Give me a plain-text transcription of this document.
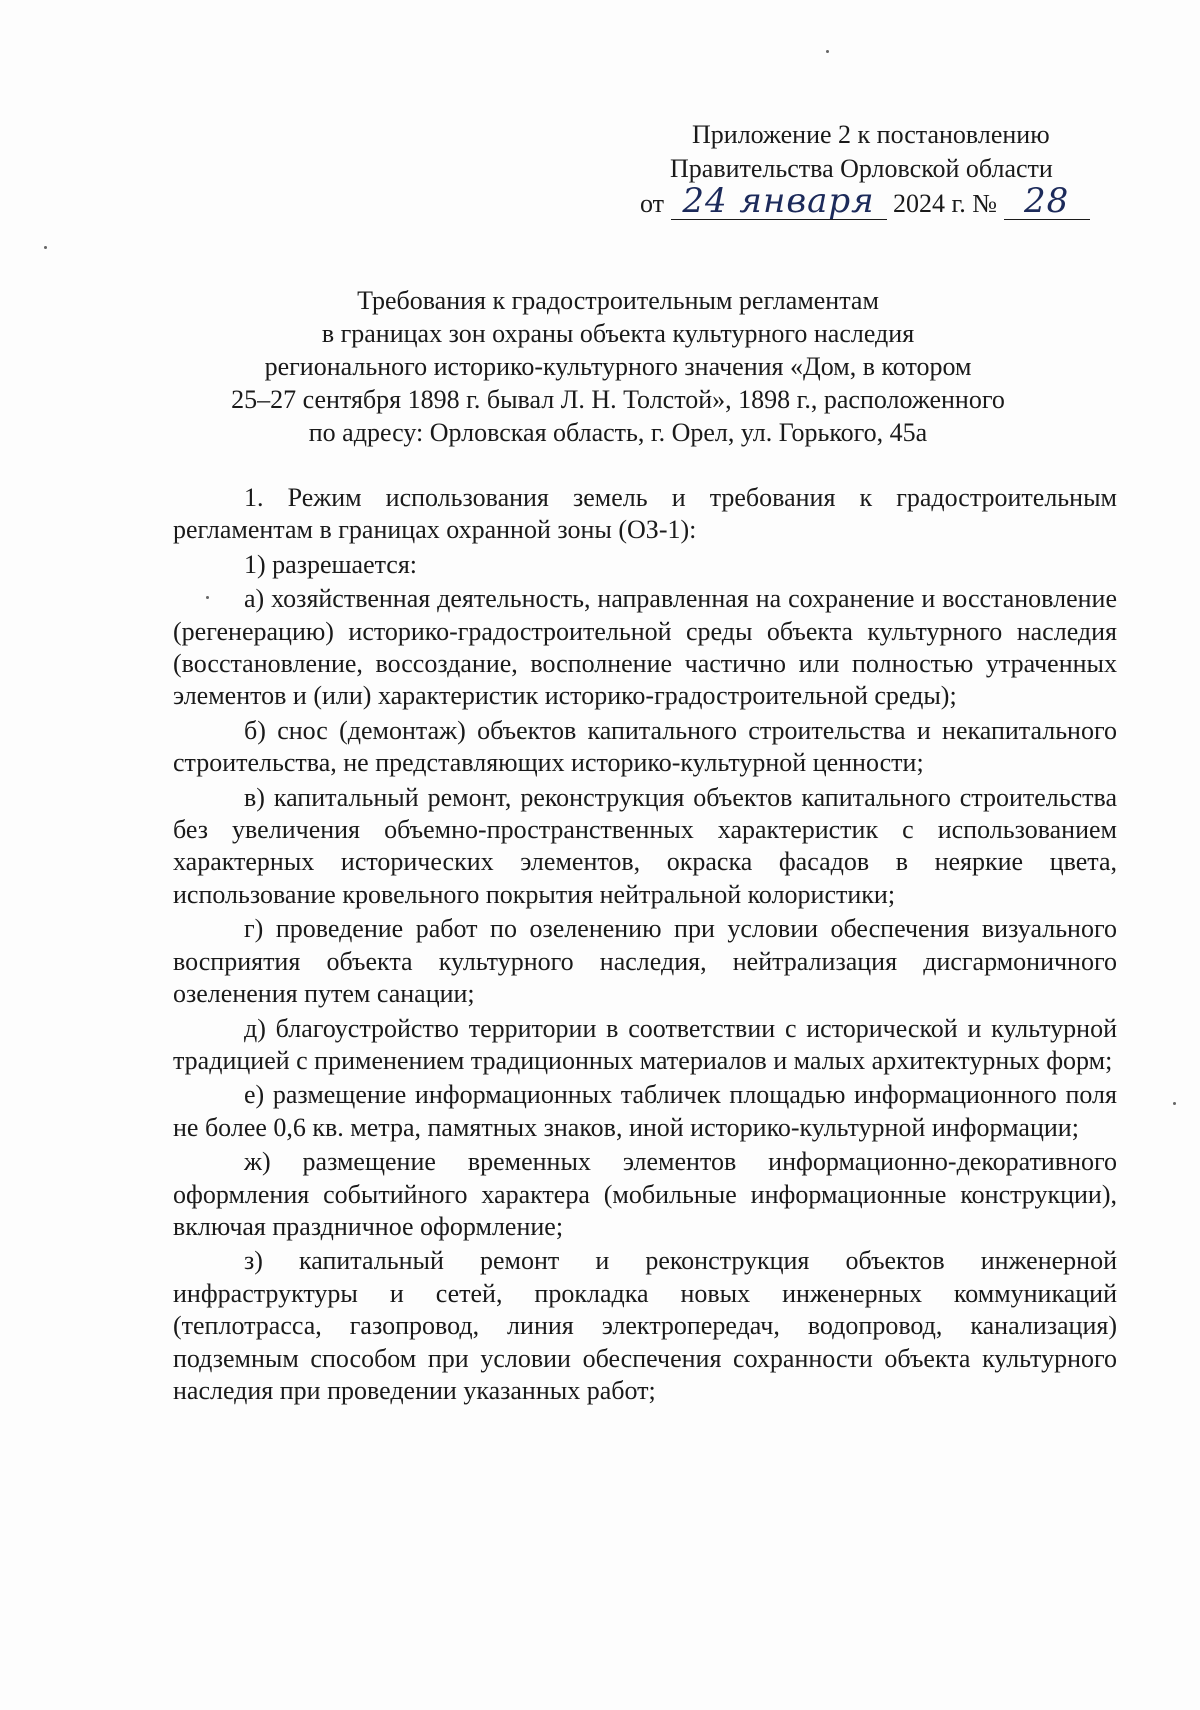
Приложение 2 к постановлению
Правительства Орловской области
от 24 января 2024 г. № 28
Требования к градостроительным регламентам
в границах зон охраны объекта культурного наследия
регионального историко-культурного значения «Дом, в котором
25–27 сентября 1898 г. бывал Л. Н. Толстой», 1898 г., расположенного
по адресу: Орловская область, г. Орел, ул. Горького, 45а

1. Режим использования земель и требования к градостроительным регламентам в границах охранной зоны (ОЗ-1):

1) разрешается:

а) хозяйственная деятельность, направленная на сохранение и восстановление (регенерацию) историко-градостроительной среды объекта культурного наследия (восстановление, воссоздание, восполнение частично или полностью утраченных элементов и (или) характеристик историко-градостроительной среды);

б) снос (демонтаж) объектов капитального строительства и некапитального строительства, не представляющих историко-культурной ценности;

в) капитальный ремонт, реконструкция объектов капитального строительства без увеличения объемно-пространственных характеристик с использованием характерных исторических элементов, окраска фасадов в неяркие цвета, использование кровельного покрытия нейтральной колористики;

г) проведение работ по озеленению при условии обеспечения визуального восприятия объекта культурного наследия, нейтрализация дисгармоничного озеленения путем санации;

д) благоустройство территории в соответствии с исторической и культурной традицией с применением традиционных материалов и малых архитектурных форм;

е) размещение информационных табличек площадью информационного поля не более 0,6 кв. метра, памятных знаков, иной историко-культурной информации;

ж) размещение временных элементов информационно-декоративного оформления событийного характера (мобильные информационные конструкции), включая праздничное оформление;

з) капитальный ремонт и реконструкция объектов инженерной инфраструктуры и сетей, прокладка новых инженерных коммуникаций (теплотрасса, газопровод, линия электропередач, водопровод, канализация) подземным способом при условии обеспечения сохранности объекта культурного наследия при проведении указанных работ;
